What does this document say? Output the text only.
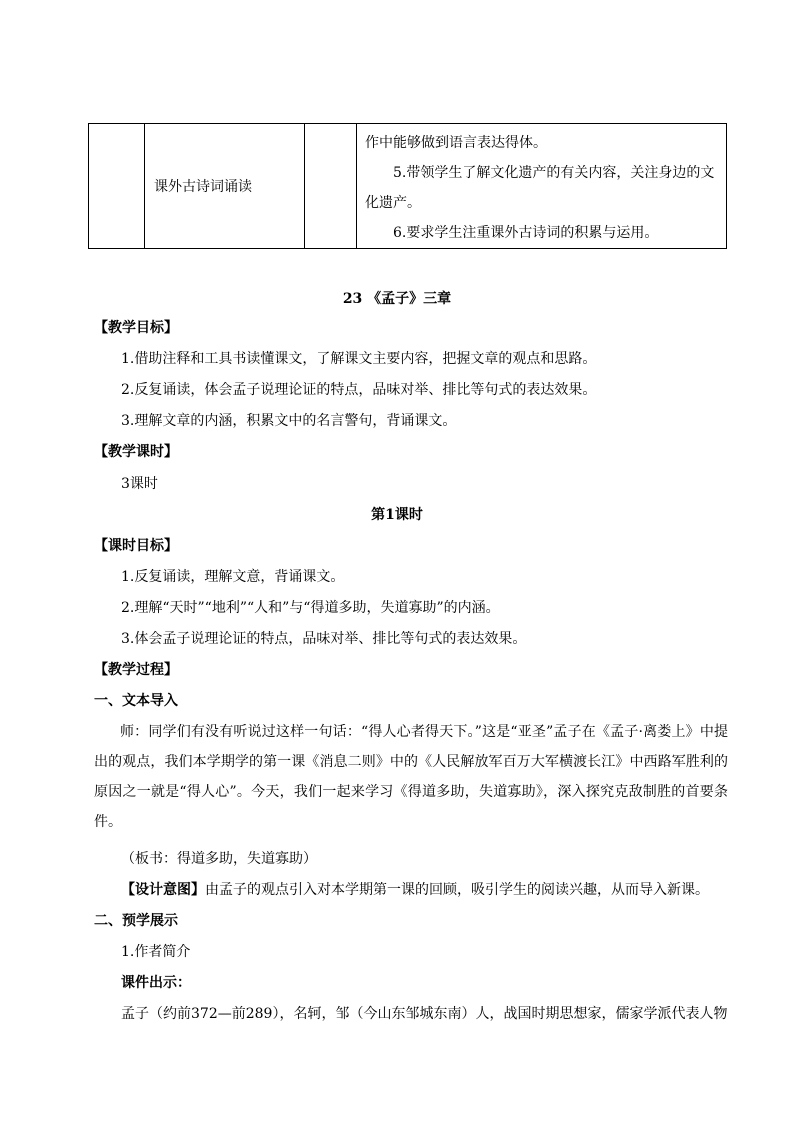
	课外古诗词诵读		

作中能够做到语言表达得体。

5.带领学生了解文化遗产的有关内容，关注身边的文化遗产。

6.要求学生注重课外古诗词的积累与运用。

23 《孟子》三章
【教学目标】
1.借助注释和工具书读懂课文，了解课文主要内容，把握文章的观点和思路。
2.反复诵读，体会孟子说理论证的特点，品味对举、排比等句式的表达效果。
3.理解文章的内涵，积累文中的名言警句，背诵课文。
【教学课时】
3课时
第1课时
【课时目标】
1.反复诵读，理解文意，背诵课文。
2.理解“天时”“地利”“人和”与“得道多助，失道寡助”的内涵。
3.体会孟子说理论证的特点，品味对举、排比等句式的表达效果。
【教学过程】
一、文本导入
师：同学们有没有听说过这样一句话：“得人心者得天下。”这是“亚圣”孟子在《孟子·离娄上》中提出的观点，我们本学期学的第一课《消息二则》中的《人民解放军百万大军横渡长江》中西路军胜利的原因之一就是“得人心”。今天，我们一起来学习《得道多助，失道寡助》，深入探究克敌制胜的首要条件。
（板书：得道多助，失道寡助）
【设计意图】由孟子的观点引入对本学期第一课的回顾，吸引学生的阅读兴趣，从而导入新课。
二、预学展示
1.作者简介
课件出示：
孟子（约前372—前289），名轲，邹（今山东邹城东南）人，战国时期思想家，儒家学派代表人物
